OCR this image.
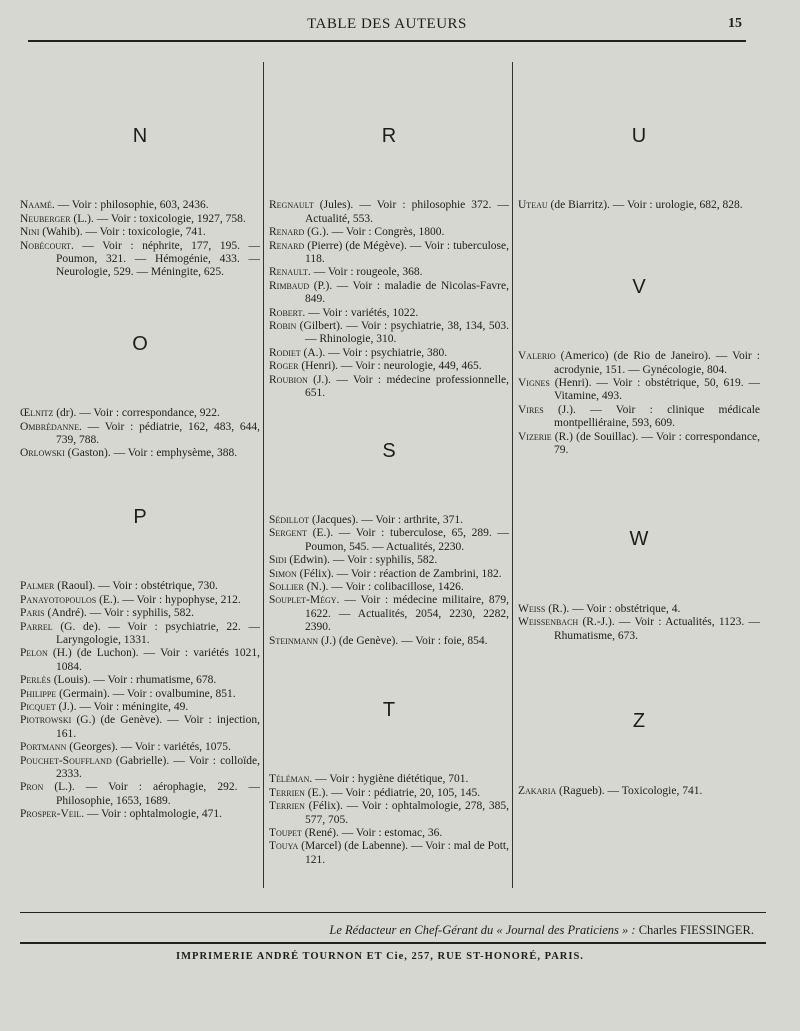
TABLE DES AUTEURS	15
N
Naamé. — Voir : philosophie, 603, 2436.
Neuberger (L.). — Voir : toxicologie, 1927, 758.
Nini (Wahib). — Voir : toxicologie, 741.
Nobécourt. — Voir : néphrite, 177, 195. — Poumon, 321. — Hémogénie, 433. — Neurologie, 529. — Méningite, 625.
O
Œlnitz (dr). — Voir : correspondance, 922.
Ombrédanne. — Voir : pédiatrie, 162, 483, 644, 739, 788.
Orlowski (Gaston). — Voir : emphysème, 388.
P
Palmer (Raoul). — Voir : obstétrique, 730.
Panayotopoulos (E.). — Voir : hypophyse, 212.
Paris (André). — Voir : syphilis, 582.
Parrel (G. de). — Voir : psychiatrie, 22. — Laryngologie, 1331.
Pelon (H.) (de Luchon). — Voir : variétés 1021, 1084.
Perlès (Louis). — Voir : rhumatisme, 678.
Philippe (Germain). — Voir : ovalbumine, 851.
Picquet (J.). — Voir : méningite, 49.
Piotrowski (G.) (de Genève). — Voir : injection, 161.
Portmann (Georges). — Voir : variétés, 1075.
Pouchet-Souffland (Gabrielle). — Voir : colloïde, 2333.
Pron (L.). — Voir : aérophagie, 292. — Philosophie, 1653, 1689.
Prosper-Veil. — Voir : ophtalmologie, 471.
R
Regnault (Jules). — Voir : philosophie 372. — Actualité, 553.
Renard (G.). — Voir : Congrès, 1800.
Renard (Pierre) (de Mégève). — Voir : tuberculose, 118.
Renault. — Voir : rougeole, 368.
Rimbaud (P.). — Voir : maladie de Nicolas-Favre, 849.
Robert. — Voir : variétés, 1022.
Robin (Gilbert). — Voir : psychiatrie, 38, 134, 503. — Rhinologie, 310.
Rodiet (A.). — Voir : psychiatrie, 380.
Roger (Henri). — Voir : neurologie, 449, 465.
Roubion (J.). — Voir : médecine professionnelle, 651.
S
Sédillot (Jacques). — Voir : arthrite, 371.
Sergent (E.). — Voir : tuberculose, 65, 289. — Poumon, 545. — Actualités, 2230.
Sidi (Edwin). — Voir : syphilis, 582.
Simon (Félix). — Voir : réaction de Zambrini, 182.
Sollier (N.). — Voir : colibacillose, 1426.
Souplet-Mégy. — Voir : médecine militaire, 879, 1622. — Actualités, 2054, 2230, 2282, 2390.
Steinmann (J.) (de Genève). — Voir : foie, 854.
T
Téléman. — Voir : hygiène diététique, 701.
Terrien (E.). — Voir : pédiatrie, 20, 105, 145.
Terrien (Félix). — Voir : ophtalmologie, 278, 385, 577, 705.
Toupet (René). — Voir : estomac, 36.
Touya (Marcel) (de Labenne). — Voir : mal de Pott, 121.
U
Uteau (de Biarritz). — Voir : urologie, 682, 828.
V
Valerio (Americo) (de Rio de Janeiro). — Voir : acrodynie, 151. — Gynécologie, 804.
Vignes (Henri). — Voir : obstétrique, 50, 619. — Vitamine, 493.
Vires (J.). — Voir : clinique médicale montpelliéraine, 593, 609.
Vizerie (R.) (de Souillac). — Voir : correspondance, 79.
W
Weiss (R.). — Voir : obstétrique, 4.
Weissenbach (R.-J.). — Voir : Actualités, 1123. — Rhumatisme, 673.
Z
Zakaria (Ragueb). — Toxicologie, 741.
Le Rédacteur en Chef-Gérant du « Journal des Praticiens » : Charles FIESSINGER.
IMPRIMERIE ANDRÉ TOURNON ET Cie, 257, RUE ST-HONORÉ, PARIS.
